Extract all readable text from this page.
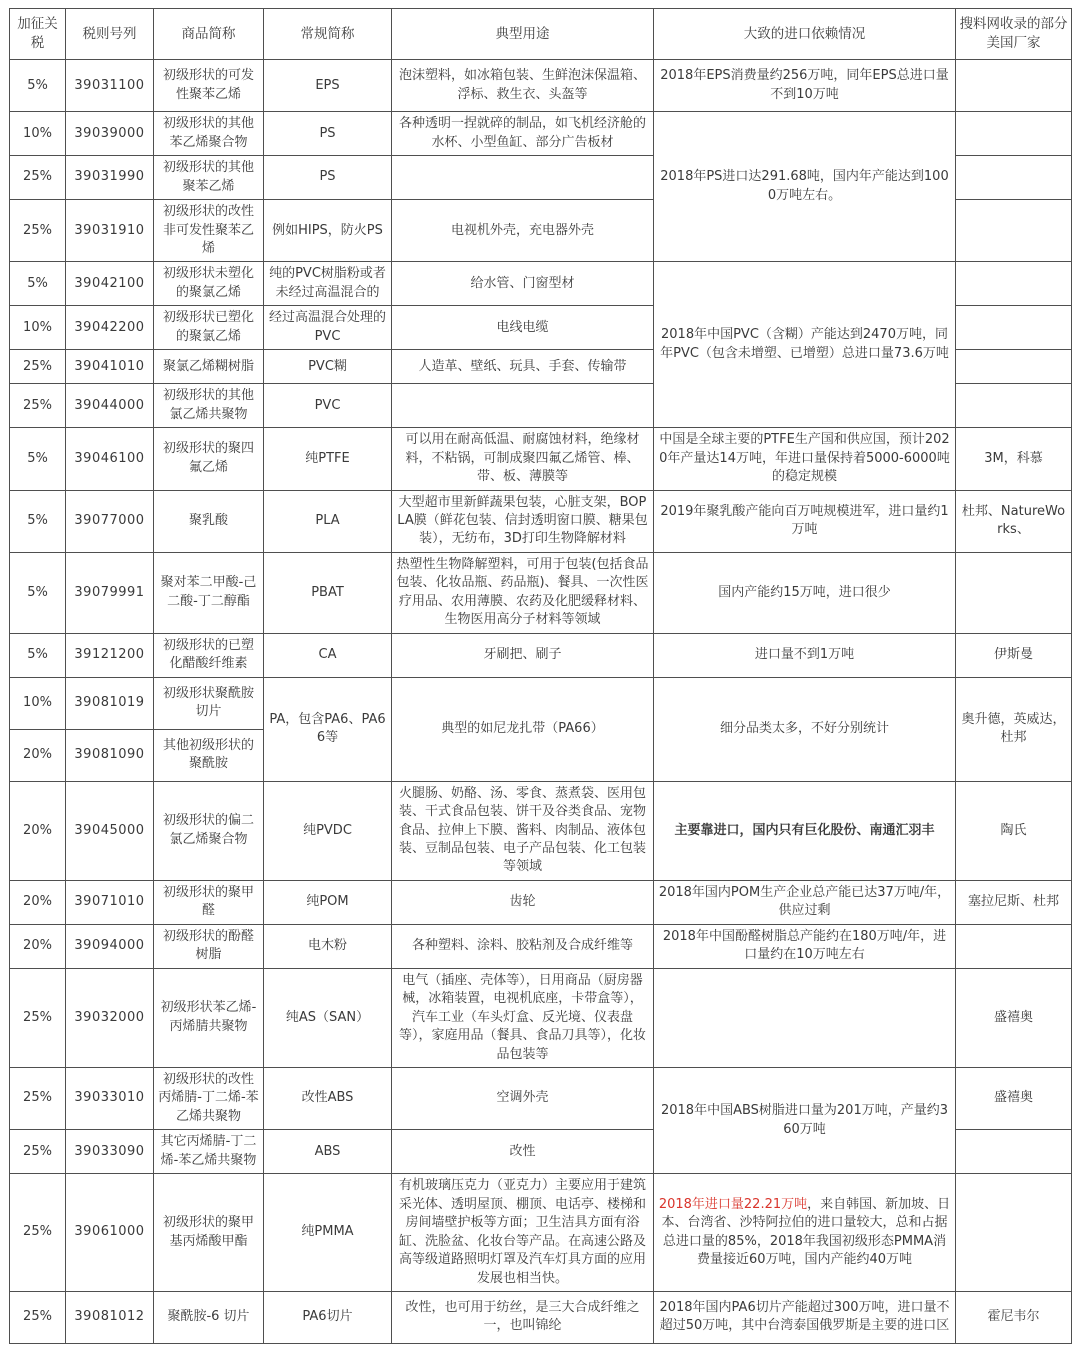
加征关税	税则号列	商品简称	常规简称	典型用途	大致的进口依赖情况	搜料网收录的部分美国厂家
5%	39031100	初级形状的可发性聚苯乙烯	EPS	泡沫塑料，如冰箱包装、生鲜泡沫保温箱、浮标、救生衣、头盔等	2018年EPS消费量约256万吨，同年EPS总进口量不到10万吨	
10%	39039000	初级形状的其他苯乙烯聚合物	PS	各种透明一捏就碎的制品，如飞机经济舱的水杯、小型鱼缸、部分广告板材	2018年PS进口达291.68吨，国内年产能达到1000万吨左右。	
25%	39031990	初级形状的其他聚苯乙烯	PS			
25%	39031910	初级形状的改性非可发性聚苯乙烯	例如HIPS，防火PS	电视机外壳，充电器外壳		
5%	39042100	初级形状未塑化的聚氯乙烯	纯的PVC树脂粉或者未经过高温混合的	给水管、门窗型材	2018年中国PVC（含糊）产能达到2470万吨，同年PVC（包含未增塑、已增塑）总进口量73.6万吨	
10%	39042200	初级形状已塑化的聚氯乙烯	经过高温混合处理的PVC	电线电缆		
25%	39041010	聚氯乙烯糊树脂	PVC糊	人造革、壁纸、玩具、手套、传输带		
25%	39044000	初级形状的其他氯乙烯共聚物	PVC			
5%	39046100	初级形状的聚四氟乙烯	纯PTFE	可以用在耐高低温、耐腐蚀材料，绝缘材料，不粘锅，可制成聚四氟乙烯管、棒、带、板、薄膜等	中国是全球主要的PTFE生产国和供应国，预计2020年产量达14万吨，年进口量保持着5000-6000吨的稳定规模	3M，科慕
5%	39077000	聚乳酸	PLA	大型超市里新鲜蔬果包装，心脏支架，BOPLA膜（鲜花包装、信封透明窗口膜、糖果包装），无纺布，3D打印生物降解材料	2019年聚乳酸产能向百万吨规模进军，进口量约1万吨	杜邦、NatureWorks、
5%	39079991	聚对苯二甲酸-己二酸-丁二醇酯	PBAT	热塑性生物降解塑料，可用于包装(包括食品包装、化妆品瓶、药品瓶)、餐具、一次性医疗用品、农用薄膜、农药及化肥缓释材料、生物医用高分子材料等领域	国内产能约15万吨，进口很少	
5%	39121200	初级形状的已塑化醋酸纤维素	CA	牙刷把、刷子	进口量不到1万吨	伊斯曼
10%	39081019	初级形状聚酰胺切片	PA，包含PA6、PA66等	典型的如尼龙扎带（PA66）	细分品类太多，不好分别统计	奥升德，英威达，杜邦
20%	39081090	其他初级形状的聚酰胺				
20%	39045000	初级形状的偏二氯乙烯聚合物	纯PVDC	火腿肠、奶酪、汤、零食、蒸煮袋、医用包装、干式食品包装、饼干及谷类食品、宠物食品、拉伸上下膜、酱料、肉制品、液体包装、豆制品包装、电子产品包装、化工包装等领域	主要靠进口，国内只有巨化股份、南通汇羽丰	陶氏
20%	39071010	初级形状的聚甲醛	纯POM	齿轮	2018年国内POM生产企业总产能已达37万吨/年，供应过剩	塞拉尼斯、杜邦
20%	39094000	初级形状的酚醛树脂	电木粉	各种塑料、涂料、胶粘剂及合成纤维等	2018年中国酚醛树脂总产能约在180万吨/年，进口量约在10万吨左右	
25%	39032000	初级形状苯乙烯-丙烯腈共聚物	纯AS（SAN）	电气（插座、壳体等），日用商品（厨房器械，冰箱装置，电视机底座，卡带盒等），汽车工业（车头灯盒、反光境、仪表盘等），家庭用品（餐具、食品刀具等），化妆品包装等		盛禧奥
25%	39033010	初级形状的改性丙烯腈-丁二烯-苯乙烯共聚物	改性ABS	空调外壳	2018年中国ABS树脂进口量为201万吨，产量约360万吨	盛禧奥
25%	39033090	其它丙烯腈-丁二烯-苯乙烯共聚物	ABS	改性		
25%	39061000	初级形状的聚甲基丙烯酸甲酯	纯PMMA	有机玻璃压克力（亚克力）主要应用于建筑采光体、透明屋顶、棚顶、电话亭、楼梯和房间墙壁护板等方面；卫生洁具方面有浴缸、洗脸盆、化妆台等产品。在高速公路及高等级道路照明灯罩及汽车灯具方面的应用发展也相当快。	2018年进口量22.21万吨，来自韩国、新加坡、日本、台湾省、沙特阿拉伯的进口量较大，总和占据总进口量的85%，2018年我国初级形态PMMA消费量接近60万吨，国内产能约40万吨	
25%	39081012	聚酰胺-6 切片	PA6切片	改性，也可用于纺丝，是三大合成纤维之一，也叫锦纶	2018年国内PA6切片产能超过300万吨，进口量不超过50万吨，其中台湾泰国俄罗斯是主要的进口区	霍尼韦尔
